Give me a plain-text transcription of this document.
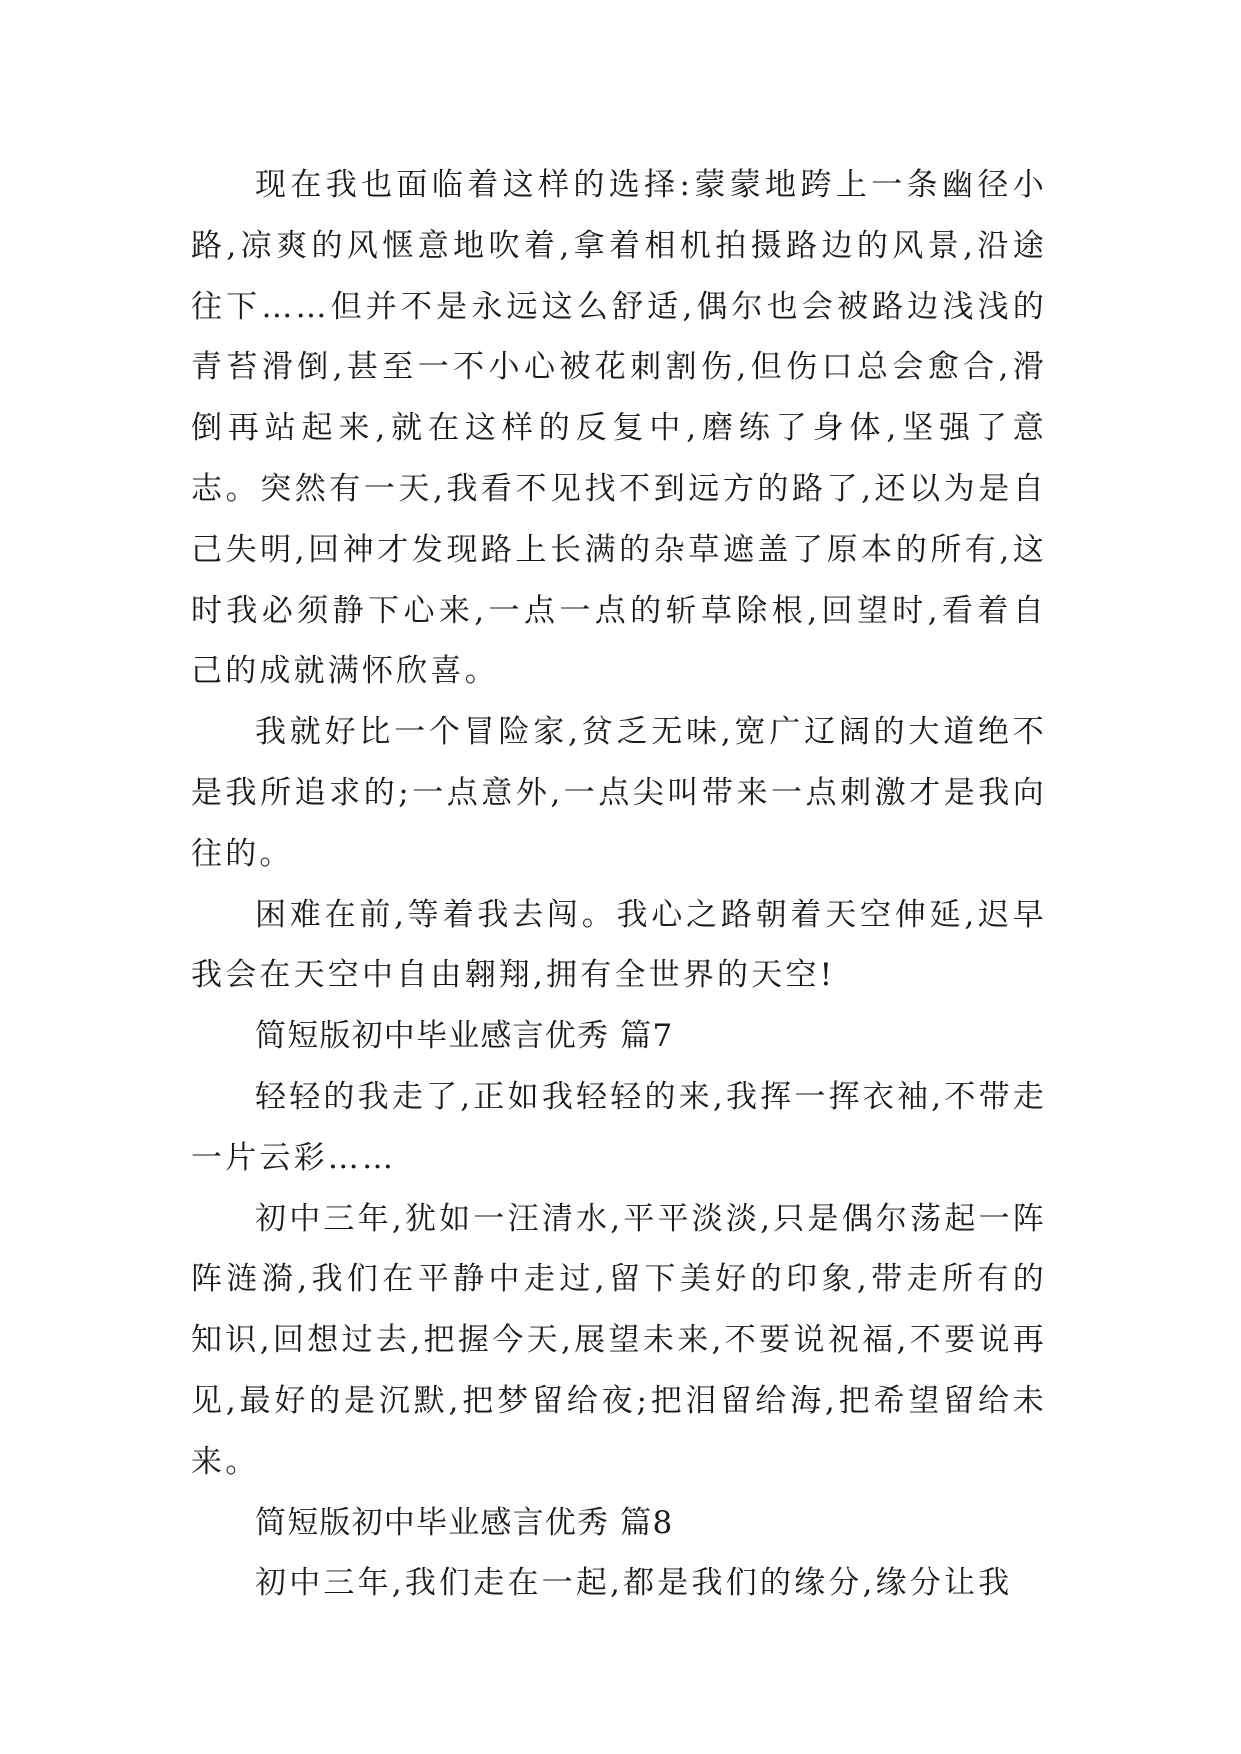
现在我也面临着这样的选择:蒙蒙地跨上一条幽径小路,凉爽的风惬意地吹着,拿着相机拍摄路边的风景,沿途往下……但并不是永远这么舒适,偶尔也会被路边浅浅的青苔滑倒,甚至一不小心被花刺割伤,但伤口总会愈合,滑倒再站起来,就在这样的反复中,磨练了身体,坚强了意志。突然有一天,我看不见找不到远方的路了,还以为是自己失明,回神才发现路上长满的杂草遮盖了原本的所有,这时我必须静下心来,一点一点的斩草除根,回望时,看着自己的成就满怀欣喜。

我就好比一个冒险家,贫乏无味,宽广辽阔的大道绝不是我所追求的;一点意外,一点尖叫带来一点刺激才是我向往的。

困难在前,等着我去闯。我心之路朝着天空伸延,迟早我会在天空中自由翱翔,拥有全世界的天空!

简短版初中毕业感言优秀 篇7

轻轻的我走了,正如我轻轻的来,我挥一挥衣袖,不带走一片云彩……

初中三年,犹如一汪清水,平平淡淡,只是偶尔荡起一阵阵涟漪,我们在平静中走过,留下美好的印象,带走所有的知识,回想过去,把握今天,展望未来,不要说祝福,不要说再见,最好的是沉默,把梦留给夜;把泪留给海,把希望留给未来。

简短版初中毕业感言优秀 篇8

初中三年,我们走在一起,都是我们的缘分,缘分让我
